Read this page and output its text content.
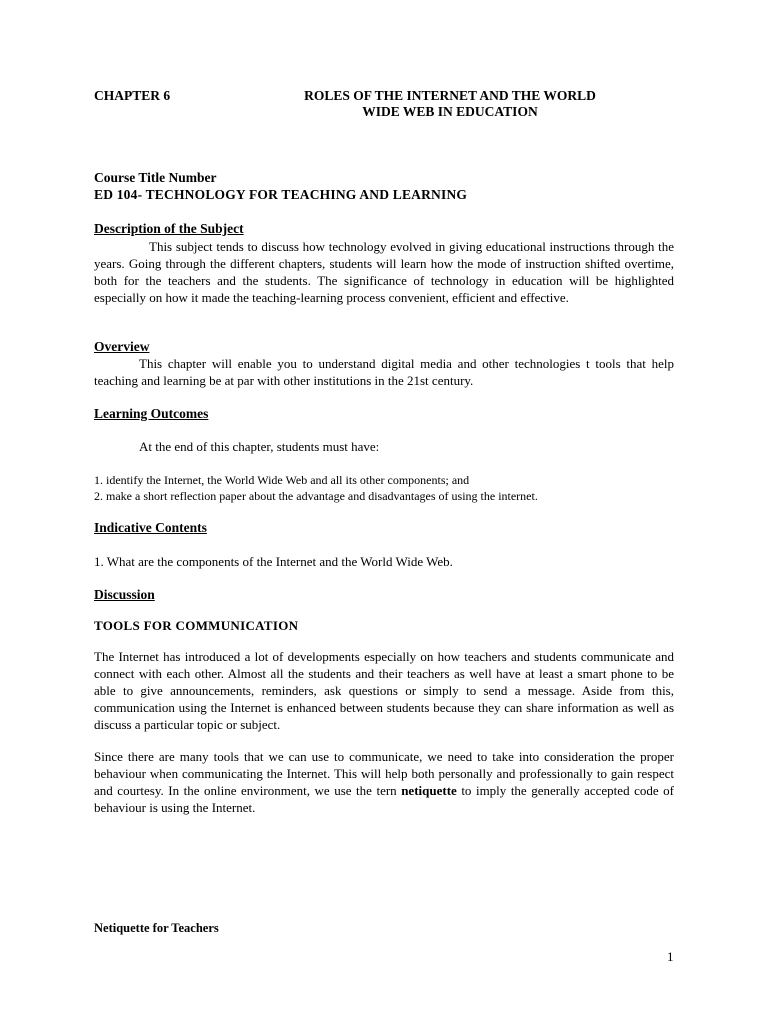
CHAPTER 6	ROLES OF THE INTERNET AND THE WORLD
WIDE WEB IN EDUCATION
Course Title Number
ED 104- TECHNOLOGY FOR TEACHING AND LEARNING
Description of the Subject
This subject tends to discuss how technology evolved in giving educational instructions through the years. Going through the different chapters, students will learn how the mode of instruction shifted overtime, both for the teachers and the students. The significance of technology in education will be highlighted especially on how it made the teaching-learning process convenient, efficient and effective.
Overview
This chapter will enable you to understand digital media and other technologies t tools that help teaching and learning be at par with other institutions in the 21st century.
Learning Outcomes
At the end of this chapter, students must have:
1. identify the Internet, the World Wide Web and all its other components; and
2. make a short reflection paper about the advantage and disadvantages of using the internet.
Indicative Contents
1. What are the components of the Internet and the World Wide Web.
Discussion
TOOLS FOR COMMUNICATION
The Internet has introduced a lot of developments especially on how teachers and students communicate and connect with each other. Almost all the students and their teachers as well have at least a smart phone to be able to give announcements, reminders, ask questions or simply to send a message. Aside from this, communication using the Internet is enhanced between students because they can share information as well as discuss a particular topic or subject.
Since there are many tools that we can use to communicate, we need to take into consideration the proper behaviour when communicating the Internet. This will help both personally and professionally to gain respect and courtesy. In the online environment, we use the tern netiquette to imply the generally accepted code of behaviour is using the Internet.
Netiquette for Teachers
1
